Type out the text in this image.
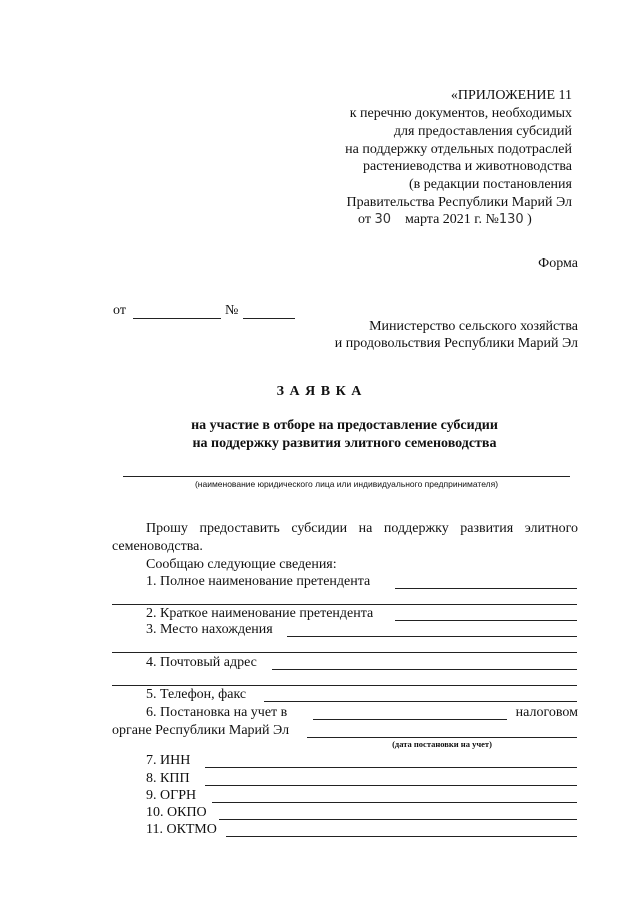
«ПРИЛОЖЕНИЕ 11
к перечню документов, необходимых
для предоставления субсидий
на поддержку отдельных подотраслей
растениеводства и животноводства
(в редакции постановления
Правительства Республики Марий Эл
от 30 марта 2021 г. №130 )
Форма
от	№
Министерство сельского хозяйства
и продовольствия Республики Марий Эл
З А Я В К А
на участие в отборе на предоставление субсидии
на поддержку развития элитного семеноводства
(наименование юридического лица или индивидуального предпринимателя)
Прошу предоставить субсидии на поддержку развития элитного
семеноводства.
Сообщаю следующие сведения:
1. Полное наименование претендента
2. Краткое наименование претендента
3. Место нахождения
4. Почтовый адрес
5. Телефон, факс
6. Постановка на учет в	налоговом
органе Республики Марий Эл
(дата постановки на учет)
7. ИНН
8. КПП
9. ОГРН
10. ОКПО
11. ОКТМО
